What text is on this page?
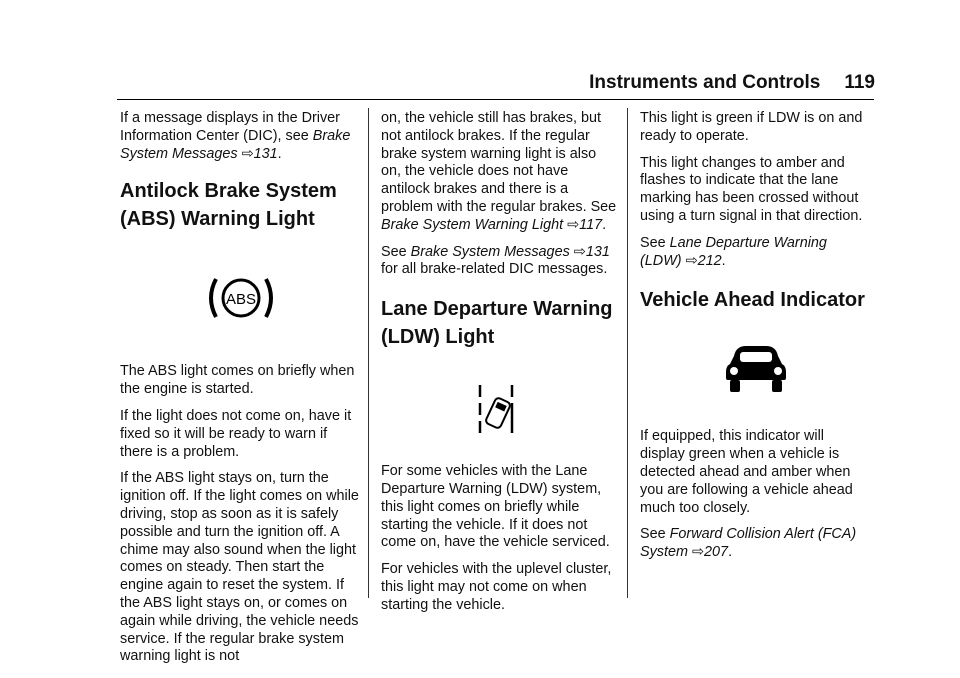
Instruments and Controls 119

If a message displays in the Driver Information Center (DIC), see Brake System Messages ⇨131.

Antilock Brake System (ABS) Warning Light
ABS

The ABS light comes on briefly when the engine is started.

If the light does not come on, have it fixed so it will be ready to warn if there is a problem.

If the ABS light stays on, turn the ignition off. If the light comes on while driving, stop as soon as it is safely possible and turn the ignition off. A chime may also sound when the light comes on steady. Then start the engine again to reset the system. If the ABS light stays on, or comes on again while driving, the vehicle needs service. If the regular brake system warning light is not

on, the vehicle still has brakes, but not antilock brakes. If the regular brake system warning light is also on, the vehicle does not have antilock brakes and there is a problem with the regular brakes. See Brake System Warning Light ⇨117.

See Brake System Messages ⇨131 for all brake-related DIC messages.

Lane Departure Warning (LDW) Light

For some vehicles with the Lane Departure Warning (LDW) system, this light comes on briefly while starting the vehicle. If it does not come on, have the vehicle serviced.

For vehicles with the uplevel cluster, this light may not come on when starting the vehicle.

This light is green if LDW is on and ready to operate.

This light changes to amber and flashes to indicate that the lane marking has been crossed without using a turn signal in that direction.

See Lane Departure Warning (LDW) ⇨212.

Vehicle Ahead Indicator

If equipped, this indicator will display green when a vehicle is detected ahead and amber when you are following a vehicle ahead much too closely.

See Forward Collision Alert (FCA) System ⇨207.
